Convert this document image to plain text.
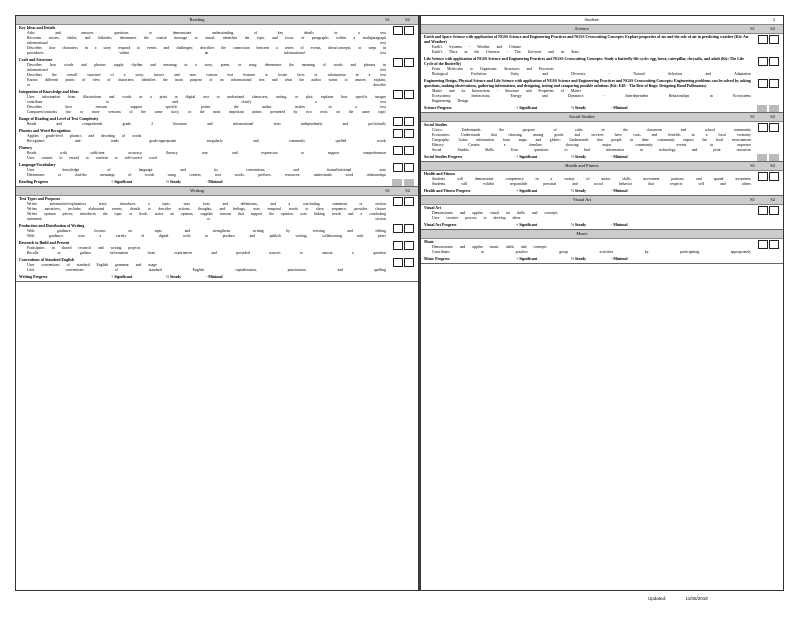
Reading	S1	S2
Key Ideas and Details
Asks and answers questions to demonstrate understanding of key details in a text
Recounts stories, fables, and folktales; determines the central message or moral; identifies the topic and focus of paragraphs within a multiparagraph informational text
Describes how characters in a story respond to events and challenges; describes the connection between a series of events, ideas/concepts, or steps in procedures within an informational text
Craft and Structure
Describes how words and phrases supply rhythm and meaning in a story, poem, or song; determines the meaning of words and phrases in informational text
Describes the overall structure of a story; knows and uses various text features to locate facts or information in a text
Knows different points of view of characters; identifies the main purpose of an informational text and what the author wants to answer, explain, or describe
Integration of Knowledge and Ideas
Uses information from illustrations and words in a print or digital text to understand characters, setting, or plot; explains how specific images contribute to and clarify a text
Describes how reasons support specific points the author makes in a text
Compares/contrasts two or more versions of the same story, or the most important points presented by two texts on the same topic
Range of Reading and Level of Text Complexity
Reads and comprehends grade 2 literature and informational texts independently and proficiently
Phonics and Word Recognition
Applies grade-level phonics and decoding of words
Recognizes and reads grade-appropriate irregularly and commonly spelled words
Fluency
Reads with sufficient accuracy, fluency, rate, and expression to support comprehension
Uses context to reread to confirm or self-correct word
Language/Vocabulary
Uses knowledge of language and its conventions, and formal/informal uses
Determines or clarifies meanings of words using context, root words, prefixes, resources; understands word relationships
Reading Progress	+ Significant	½ Steady	- Minimal
Writing	S1	S2
Text Types and Purposes
Writes informative/explanatory texts; introduces a topic, uses facts and definitions, and a concluding statement or section
Writes narratives; includes elaborated events, details to describe actions, thoughts, and feelings, uses temporal words to show sequence; provides closure
Writes opinion pieces; introduces the topic or book, states an opinion, supplies reasons that support the opinion, uses linking words and a concluding statement or section
Production and Distribution of Writing
With guidance, focuses on topic and strengthens writing by revising and editing
With guidance, uses a variety of digital tools to produce and publish writing, collaborating with peers
Research to Build and Present
Participates in shared research and writing projects
Recalls or gathers information from experiences and provided sources to answer a question
Conventions of Standard English
Uses conventions of standard English grammar and usage
Uses conventions of standard English capitalization, punctuation, and spelling
Writing Progress	+ Significant	½ Steady	- Minimal
Student:	2
Science	S1	S2
Earth and Space Science with application of NGSS Science and Engineering Practices and NGSS Crosscutting Concepts: Explore properties of air and the role of air in predicting weather (Kit: Air and Weather)
Earth's Systems - Weather and Climate
Earth's Place in the Universe - The Universe and its Stars
Life Science with application of NGSS Science and Engineering Practices and NGSS Crosscutting Concepts: Study a butterfly life cycle: egg, larva, caterpillar, chrysalis, and adult (Kit: The Life Cycle of the Butterfly)
From Molecules to Organisms: Structures and Processes
Biological Evolution: Unity and Diversity - Natural Selection and Adaptation
Engineering Design, Physical Science and Life Science with application of NGSS Science and Engineering Practices and NGSS Crosscutting Concepts: Engineering problems can be solved by asking questions, making observations, gathering information, and designing, testing and comparing possible solutions (Kit: E4E - The Best of Bugs: Designing Hand Pollinators)
Matter and its Interactions - Structure and Properties of Matter
Ecosystems: Interactions, Energy and Dynamics - Interdependent Relationships in Ecosystems
Engineering Design
Science Progress	+ Significant	½ Steady	- Minimal
Social Studies	S1	S2
Social Studies
Civics: Understands the purpose of rules in the classroom and school community
Economics: Understands that choosing among goods and services have costs and benefits in a local economy
Geography: Gains information from maps and globes; Understands that people in their community impact the local environment
History: Creates a timeline showing major community events in sequence
Social Studies Skills: Uses questions to find information in technology and print resources
Social Studies Progress	+ Significant	½ Steady	- Minimal
Health and Fitness	S1	S2
Health and Fitness
Students will demonstrate competency in a variety of motor skills, movement patterns, and spatial awareness
Students will exhibit responsible personal and social behavior that respects self and others
Health and Fitness Progress	+ Significant	½ Steady	- Minimal
Visual Art	S1	S2
Visual Art
Demonstrates and applies visual art skills and concepts
Uses creative process to develop ideas
Visual Art Progress	+ Significant	½ Steady	- Minimal
Music
Music
Demonstrates and applies music skills and concepts
Contributes to positive group activities by participating appropriately
Music Progress	+ Significant	½ Steady	- Minimal
Updated:	11/05/2018
